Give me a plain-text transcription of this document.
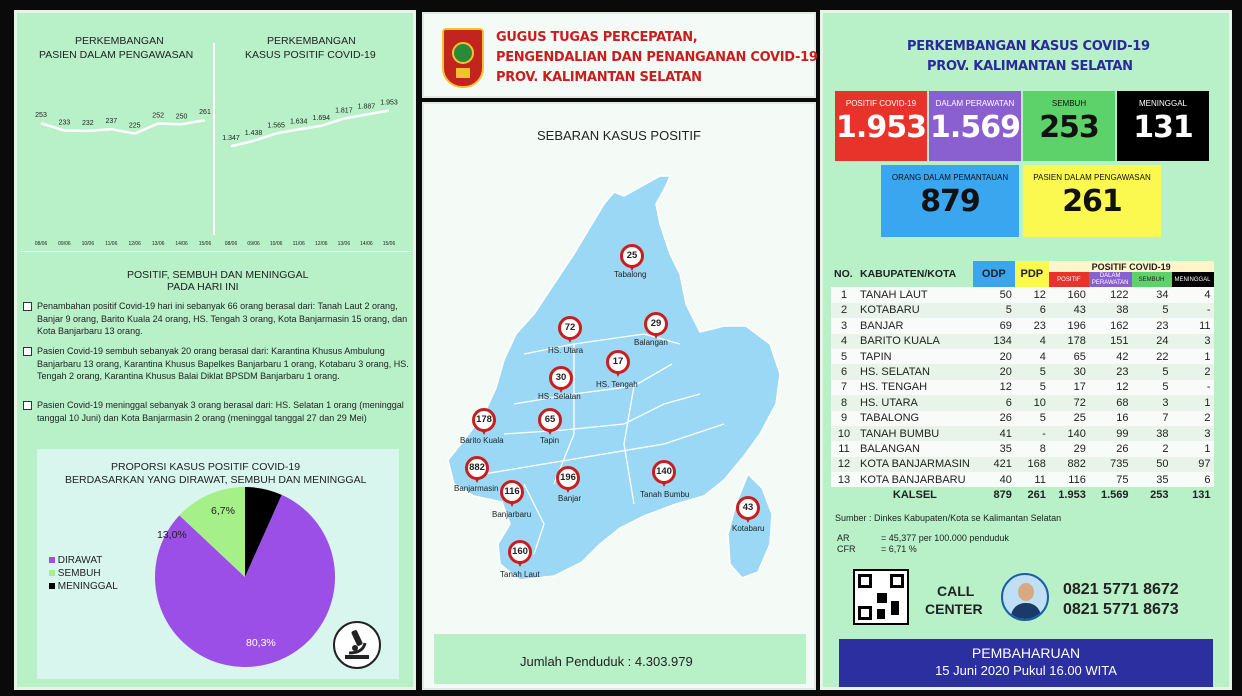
PERKEMBANGAN
PASIEN DALAM PENGAWASAN
PERKEMBANGAN
KASUS POSITIF COVID-19
253
233 232 237
225
252 250
261
08/06 09/06 10/06 11/06 12/06 13/06 14/06 15/06
1.347
1.438
1.565
1.634
1.694
1.817
1.887
1.953
08/06 09/06 10/06 11/06 12/06 13/06 14/06 15/06
POSITIF, SEMBUH DAN MENINGGAL
PADA HARI INI
Penambahan positif Covid-19 hari ini sebanyak 66 orang berasal dari: Tanah Laut 2 orang, Banjar 9 orang, Barito Kuala 24 orang, HS. Tengah 3 orang, Kota Banjarmasin 15 orang, dan Kota Banjarbaru 13 orang.
Pasien Covid-19 sembuh sebanyak 20 orang berasal dari: Karantina Khusus Ambulung Banjarbaru 13 orang, Karantina Khusus Bapelkes Banjarbaru 1 orang, Kotabaru 3 orang, HS. Tengah 2 orang, Karantina Khusus Balai Diklat BPSDM Banjarbaru 1 orang.
Pasien Covid-19 meninggal sebanyak 3 orang berasal dari: HS. Selatan 1 orang (meninggal tanggal 10 Juni) dan Kota Banjarmasin 2 orang (meninggal tanggal 27 dan 29 Mei)
PROPORSI KASUS POSITIF COVID-19
BERDASARKAN YANG DIRAWAT, SEMBUH DAN MENINGGAL
80,3%
13,0%
6,7%
DIRAWAT
SEMBUH
MENINGGAL
GUGUS TUGAS PERCEPATAN,
PENGENDALIAN DAN PENANGANAN COVID-19
PROV. KALIMANTAN SELATAN
SEBARAN KASUS POSITIF
25
Tabalong
72
HS. Utara
29
Balangan
17
HS. Tengah
30
HS. Selatan
178
Barito Kuala
65
Tapin
882
Banjarmasin 116
Banjarbaru
196
Banjar
140
Tanah Bumbu
43
Kotabaru
160
Tanah Laut
Jumlah Penduduk : 4.303.979
PERKEMBANGAN KASUS COVID-19
PROV. KALIMANTAN SELATAN
POSITIF COVID-19
1.953
DALAM PERAWATAN
1.569
SEMBUH
253
MENINGGAL
131
ORANG DALAM PEMANTAUAN
879
PASIEN DALAM PENGAWASAN
261
NO.	KABUPATEN/KOTA	ODP	PDP	POSITIF COVID-19			
				POSITIF	DALAM PERAWATAN	SEMBUH	MENINGGAL
1	TANAH LAUT	50	12	160	122	34	4
2	KOTABARU	5	6	43	38	5	-
3	BANJAR	69	23	196	162	23	11
4	BARITO KUALA	134	4	178	151	24	3
5	TAPIN	20	4	65	42	22	1
6	HS. SELATAN	20	5	30	23	5	2
7	HS. TENGAH	12	5	17	12	5	-
8	HS. UTARA	6	10	72	68	3	1
9	TABALONG	26	5	25	16	7	2
10	TANAH BUMBU	41	-	140	99	38	3
11	BALANGAN	35	8	29	26	2	1
12	KOTA BANJARMASIN	421	168	882	735	50	97
13	KOTA BANJARBARU	40	11	116	75	35	6
	KALSEL	879	261	1.953	1.569	253	131
Sumber : Dinkes Kabupaten/Kota se Kalimantan Selatan
AR	= 45,377 per 100.000 penduduk
CFR	= 6,71 %
CALL
CENTER
0821 5771 8672
0821 5771 8673
PEMBAHARUAN
15 Juni 2020 Pukul 16.00 WITA
